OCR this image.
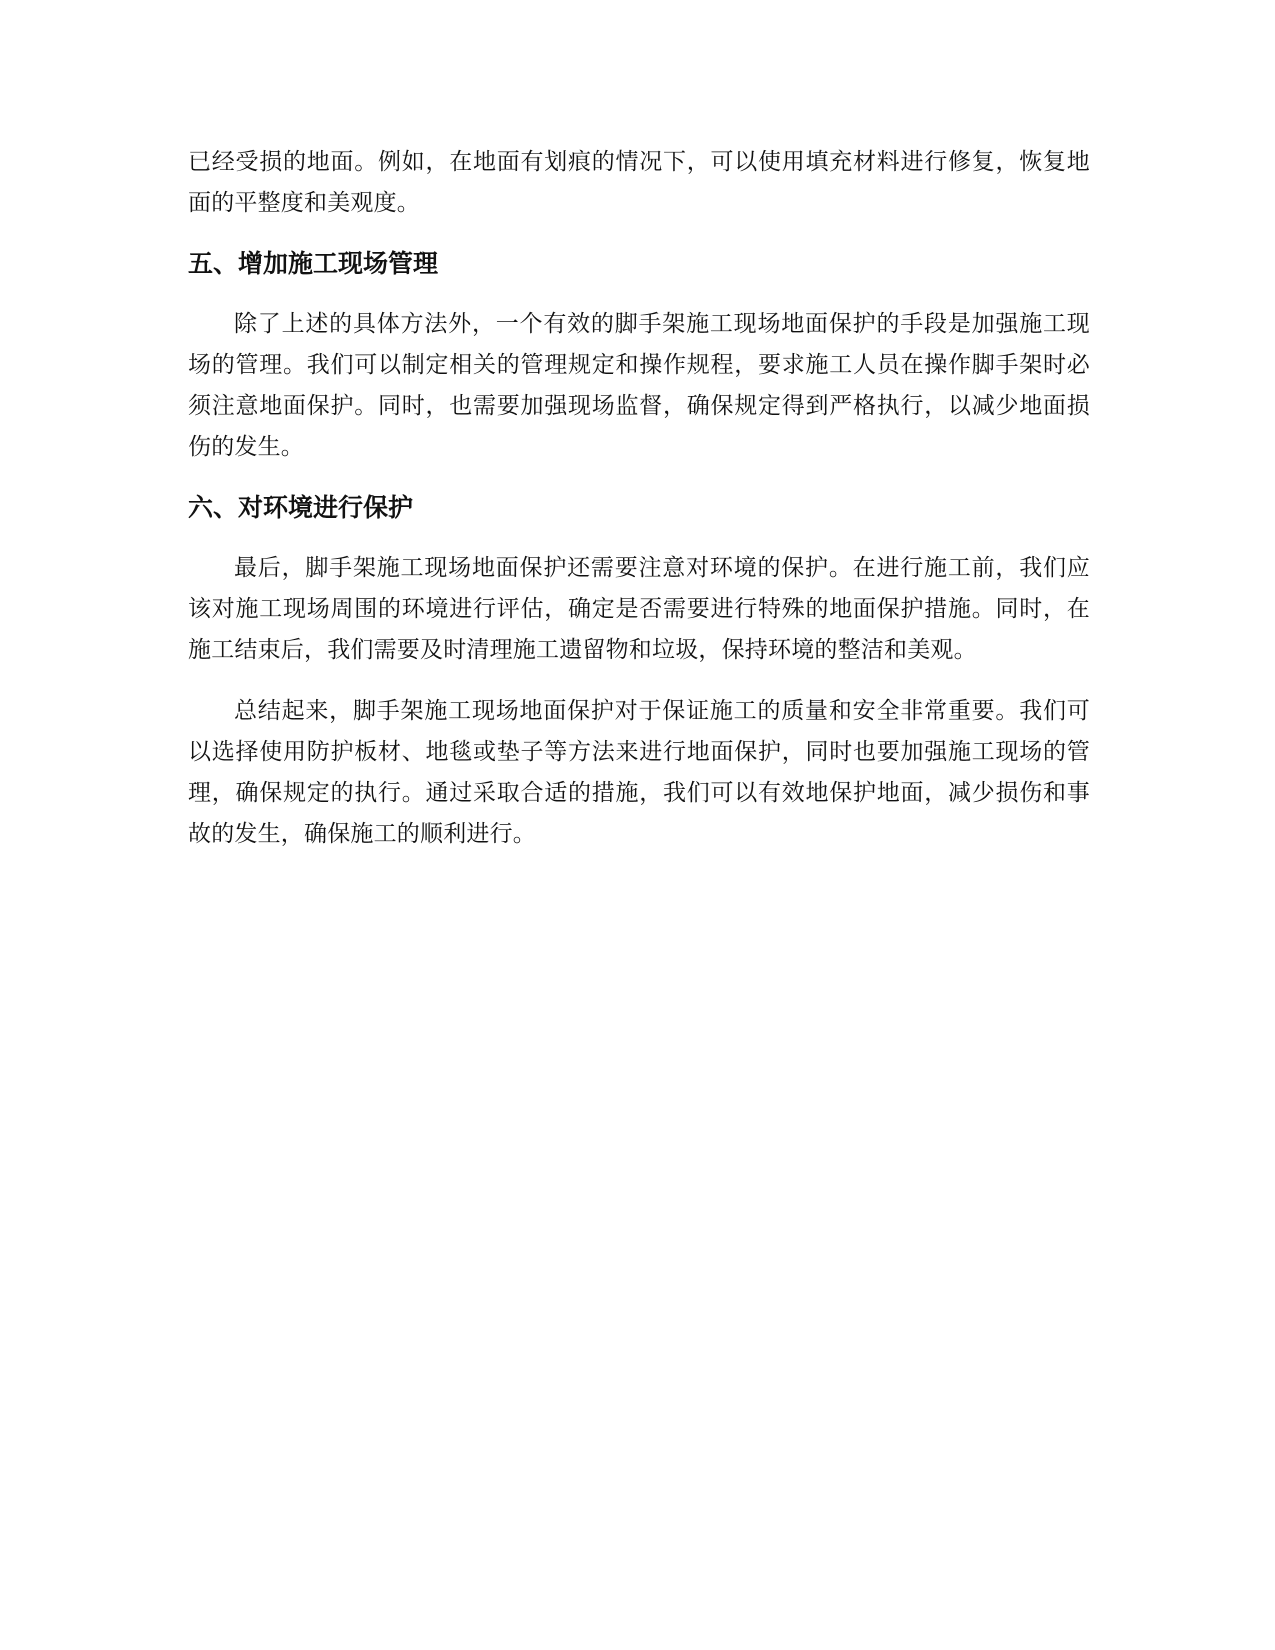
已经受损的地面。例如，在地面有划痕的情况下，可以使用填充材料进行修复，恢复地面的平整度和美观度。

五、增加施工现场管理

除了上述的具体方法外，一个有效的脚手架施工现场地面保护的手段是加强施工现场的管理。我们可以制定相关的管理规定和操作规程，要求施工人员在操作脚手架时必须注意地面保护。同时，也需要加强现场监督，确保规定得到严格执行，以减少地面损伤的发生。

六、对环境进行保护

最后，脚手架施工现场地面保护还需要注意对环境的保护。在进行施工前，我们应该对施工现场周围的环境进行评估，确定是否需要进行特殊的地面保护措施。同时，在施工结束后，我们需要及时清理施工遗留物和垃圾，保持环境的整洁和美观。

总结起来，脚手架施工现场地面保护对于保证施工的质量和安全非常重要。我们可以选择使用防护板材、地毯或垫子等方法来进行地面保护，同时也要加强施工现场的管理，确保规定的执行。通过采取合适的措施，我们可以有效地保护地面，减少损伤和事故的发生，确保施工的顺利进行。
